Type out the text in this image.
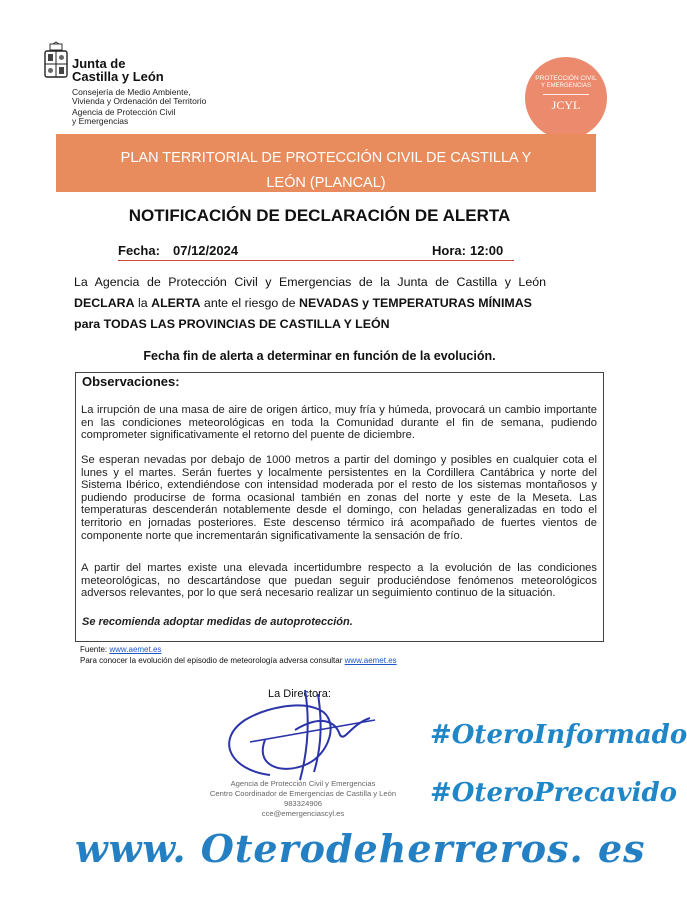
Junta de
Castilla y León
Consejería de Medio Ambiente,
Vivienda y Ordenación del Territorio
Agencia de Protección Civil
y Emergencias
PROTECCIÓN CIVIL
Y EMERGENCIAS
JCYL
PLAN TERRITORIAL DE PROTECCIÓN CIVIL DE CASTILLA Y
LEÓN (PLANCAL)
NOTIFICACIÓN DE DECLARACIÓN DE ALERTA
Fecha: 07/12/2024	Hora: 12:00
La Agencia de Protección Civil y Emergencias de la Junta de Castilla y León
DECLARA la ALERTA ante el riesgo de NEVADAS y TEMPERATURAS MÍNIMAS
para TODAS LAS PROVINCIAS DE CASTILLA Y LEÓN
Fecha fin de alerta a determinar en función de la evolución.
Observaciones:
La irrupción de una masa de aire de origen ártico, muy fría y húmeda, provocará un cambio importante
en las condiciones meteorológicas en toda la Comunidad durante el fin de semana, pudiendo
comprometer significativamente el retorno del puente de diciembre.
Se esperan nevadas por debajo de 1000 metros a partir del domingo y posibles en cualquier cota el
lunes y el martes. Serán fuertes y localmente persistentes en la Cordillera Cantábrica y norte del
Sistema Ibérico, extendiéndose con intensidad moderada por el resto de los sistemas montañosos y
pudiendo producirse de forma ocasional también en zonas del norte y este de la Meseta. Las
temperaturas descenderán notablemente desde el domingo, con heladas generalizadas en todo el
territorio en jornadas posteriores. Este descenso térmico irá acompañado de fuertes vientos de
componente norte que incrementarán significativamente la sensación de frío.
A partir del martes existe una elevada incertidumbre respecto a la evolución de las condiciones
meteorológicas, no descartándose que puedan seguir produciéndose fenómenos meteorológicos
adversos relevantes, por lo que será necesario realizar un seguimiento continuo de la situación.
Se recomienda adoptar medidas de autoprotección.
Fuente: www.aemet.es
Para conocer la evolución del episodio de meteorología adversa consultar www.aemet.es
La Directora:
Agencia de Protección Civil y Emergencias
Centro Coordinador de Emergencias de Castilla y León
983324906
cce@emergenciascyl.es
#OteroInformado
#OteroPrecavido
www. Oterodeherreros. es
